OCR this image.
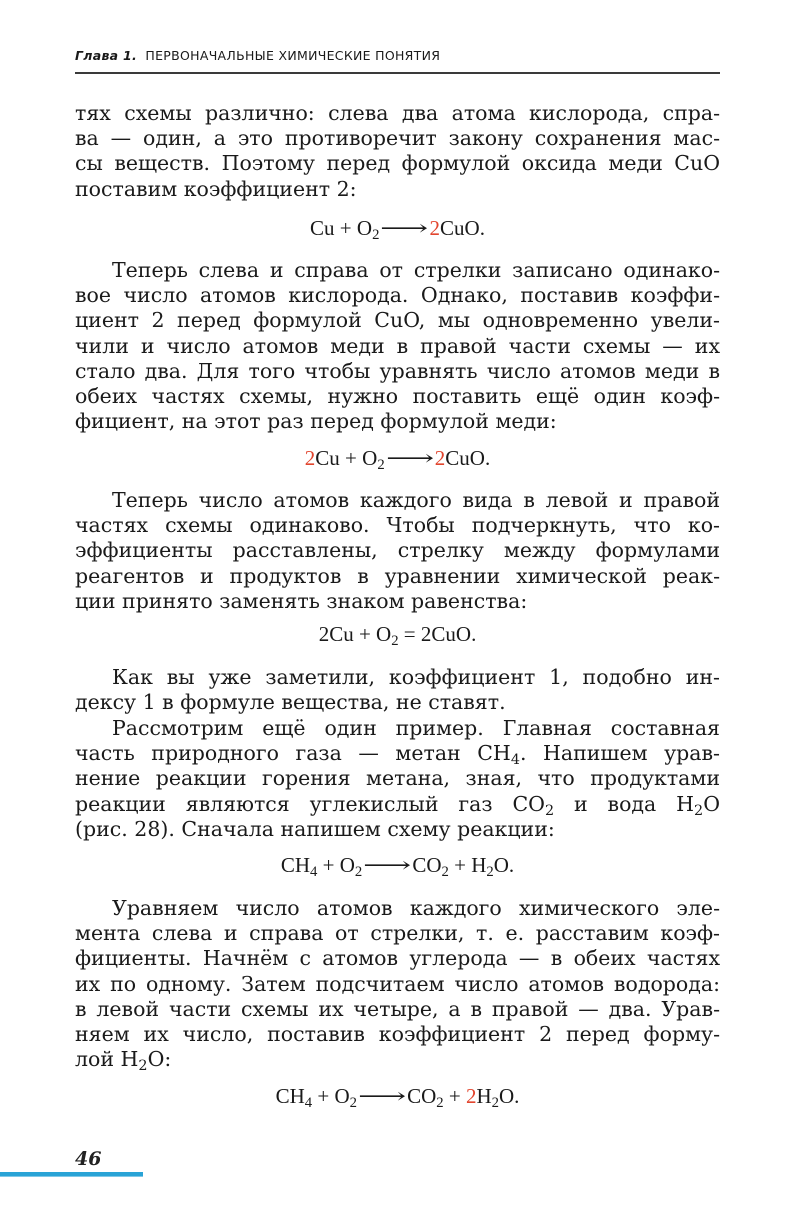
Глава 1. ПЕРВОНАЧАЛЬНЫЕ ХИМИЧЕСКИЕ ПОНЯТИЯ
тях схемы различно: слева два атома кислорода, спра-
ва — один, а это противоречит закону сохранения мас-
сы веществ. Поэтому перед формулой оксида меди CuO
поставим коэффициент 2:
$Cu + O_2⟶2CuO$.
Теперь слева и справа от стрелки записано одинако-
вое число атомов кислорода. Однако, поставив коэффи-
циент 2 перед формулой CuO, мы одновременно увели-
чили и число атомов меди в правой части схемы — их
стало два. Для того чтобы уравнять число атомов меди в
обеих частях схемы, нужно поставить ещё один коэф-
фициент, на этот раз перед формулой меди:
$2Cu + O_2⟶2CuO$.
Теперь число атомов каждого вида в левой и правой
частях схемы одинаково. Чтобы подчеркнуть, что ко-
эффициенты расставлены, стрелку между формулами
реагентов и продуктов в уравнении химической реак-
ции принято заменять знаком равенства:
$2Cu + O_2 = 2CuO$.
Как вы уже заметили, коэффициент 1, подобно ин-
дексу 1 в формуле вещества, не ставят.
Рассмотрим ещё один пример. Главная составная
часть природного газа — метан $CH_4$. Напишем урав-
нение реакции горения метана, зная, что продуктами
реакции являются углекислый газ $CO_2$ и вода $H_2O$
(рис. 28). Сначала напишем схему реакции:
$CH_4$ + $O_2⟶CO_2 + H_2O$.
Уравняем число атомов каждого химического эле-
мента слева и справа от стрелки, т. е. расставим коэф-
фициенты. Начнём с атомов углерода — в обеих частях
их по одному. Затем подсчитаем число атомов водорода:
в левой части схемы их четыре, а в правой — два. Урав-
няем их число, поставив коэффициент 2 перед форму-
лой $H_2O$:
$CH_4$ + $O_2⟶CO_2 + 2H_2O$.
46
